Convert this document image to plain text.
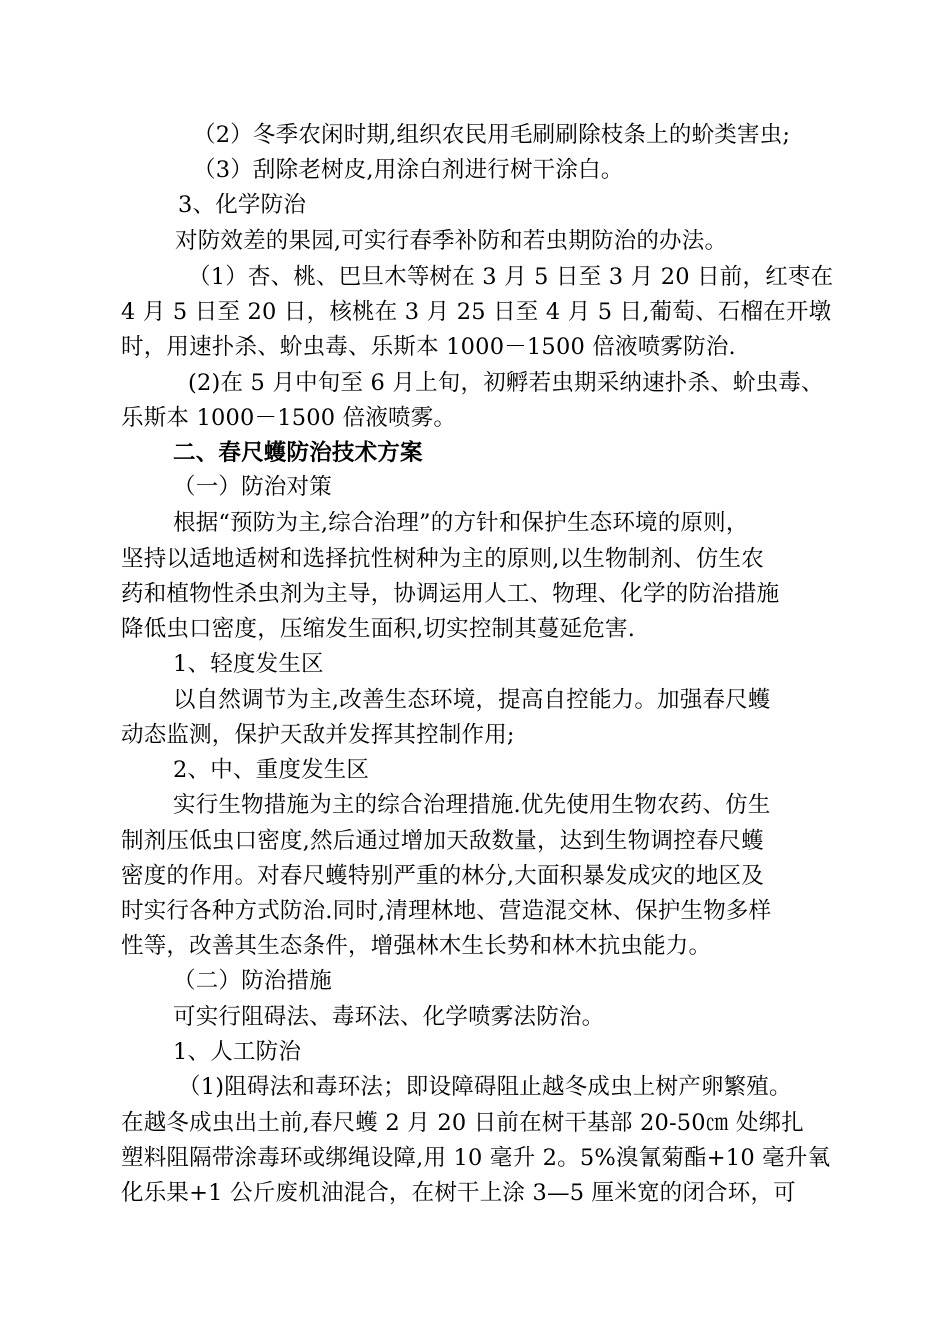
（2）冬季农闲时期,组织农民用毛刷刷除枝条上的蚧类害虫;
（3）刮除老树皮,用涂白剂进行树干涂白。
3、化学防治
对防效差的果园,可实行春季补防和若虫期防治的办法。
（1）杏、桃、巴旦木等树在 3 月 5 日至 3 月 20 日前，红枣在
4 月 5 日至 20 日，核桃在 3 月 25 日至 4 月 5 日,葡萄、石榴在开墩
时，用速扑杀、蚧虫毒、乐斯本 1000－1500 倍液喷雾防治.
(2)在 5 月中旬至 6 月上旬，初孵若虫期采纳速扑杀、蚧虫毒、
乐斯本 1000－1500 倍液喷雾。
二、春尺蠖防治技术方案
（一）防治对策
根据“预防为主,综合治理”的方针和保护生态环境的原则，
坚持以适地适树和选择抗性树种为主的原则,以生物制剂、仿生农
药和植物性杀虫剂为主导，协调运用人工、物理、化学的防治措施
降低虫口密度，压缩发生面积,切实控制其蔓延危害.
1、轻度发生区
以自然调节为主,改善生态环境，提高自控能力。加强春尺蠖
动态监测，保护天敌并发挥其控制作用;
2、中、重度发生区
实行生物措施为主的综合治理措施.优先使用生物农药、仿生
制剂压低虫口密度,然后通过增加天敌数量，达到生物调控春尺蠖
密度的作用。对春尺蠖特别严重的林分,大面积暴发成灾的地区及
时实行各种方式防治.同时,清理林地、营造混交林、保护生物多样
性等，改善其生态条件，增强林木生长势和林木抗虫能力。
（二）防治措施
可实行阻碍法、毒环法、化学喷雾法防治。
1、人工防治
（1)阻碍法和毒环法；即设障碍阻止越冬成虫上树产卵繁殖。
在越冬成虫出土前,春尺蠖 2 月 20 日前在树干基部 20-50㎝ 处绑扎
塑料阻隔带涂毒环或绑绳设障,用 10 毫升 2。5%溴氰菊酯+10 毫升氧
化乐果+1 公斤废机油混合，在树干上涂 3—5 厘米宽的闭合环，可
